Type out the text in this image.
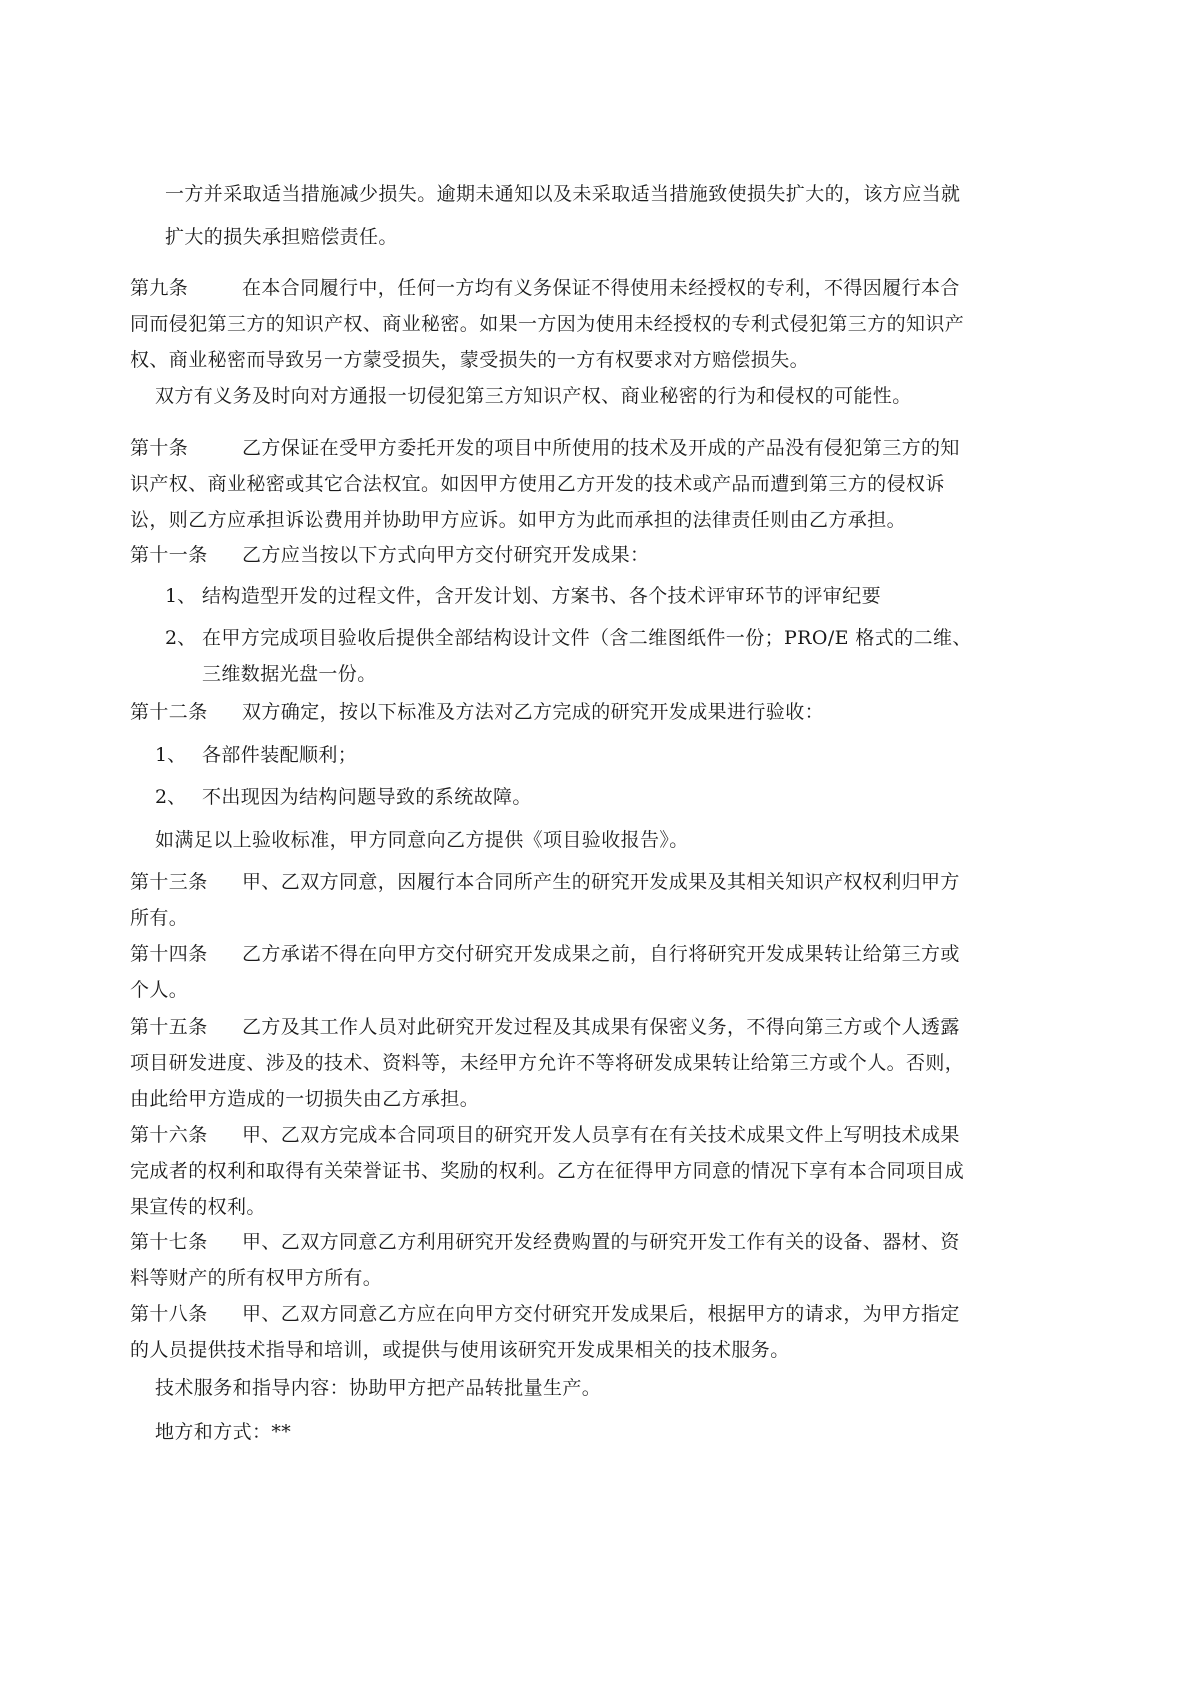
一方并采取适当措施减少损失。逾期未通知以及未采取适当措施致使损失扩大的，该方应当就
扩大的损失承担赔偿责任。
第九条	在本合同履行中，任何一方均有义务保证不得使用未经授权的专利，不得因履行本合同而侵犯第三方的知识产权、商业秘密。如果一方因为使用未经授权的专利式侵犯第三方的知识产权、商业秘密而导致另一方蒙受损失，蒙受损失的一方有权要求对方赔偿损失。
双方有义务及时向对方通报一切侵犯第三方知识产权、商业秘密的行为和侵权的可能性。
第十条	乙方保证在受甲方委托开发的项目中所使用的技术及开成的产品没有侵犯第三方的知识产权、商业秘密或其它合法权宜。如因甲方使用乙方开发的技术或产品而遭到第三方的侵权诉讼，则乙方应承担诉讼费用并协助甲方应诉。如甲方为此而承担的法律责任则由乙方承担。
第十一条 乙方应当按以下方式向甲方交付研究开发成果：
1、 结构造型开发的过程文件，含开发计划、方案书、各个技术评审环节的评审纪要
2、 在甲方完成项目验收后提供全部结构设计文件（含二维图纸件一份；PRO/E 格式的二维、三维数据光盘一份。
第十二条 双方确定，按以下标准及方法对乙方完成的研究开发成果进行验收：
1、 各部件装配顺利；
2、 不出现因为结构问题导致的系统故障。
如满足以上验收标准，甲方同意向乙方提供《项目验收报告》。
第十三条 甲、乙双方同意，因履行本合同所产生的研究开发成果及其相关知识产权权利归甲方所有。
第十四条 乙方承诺不得在向甲方交付研究开发成果之前，自行将研究开发成果转让给第三方或个人。
第十五条 乙方及其工作人员对此研究开发过程及其成果有保密义务，不得向第三方或个人透露项目研发进度、涉及的技术、资料等，未经甲方允许不等将研发成果转让给第三方或个人。否则，由此给甲方造成的一切损失由乙方承担。
第十六条 甲、乙双方完成本合同项目的研究开发人员享有在有关技术成果文件上写明技术成果完成者的权利和取得有关荣誉证书、奖励的权利。乙方在征得甲方同意的情况下享有本合同项目成果宣传的权利。
第十七条 甲、乙双方同意乙方利用研究开发经费购置的与研究开发工作有关的设备、器材、资料等财产的所有权甲方所有。
第十八条 甲、乙双方同意乙方应在向甲方交付研究开发成果后，根据甲方的请求，为甲方指定的人员提供技术指导和培训，或提供与使用该研究开发成果相关的技术服务。
技术服务和指导内容：协助甲方把产品转批量生产。
地方和方式：**
